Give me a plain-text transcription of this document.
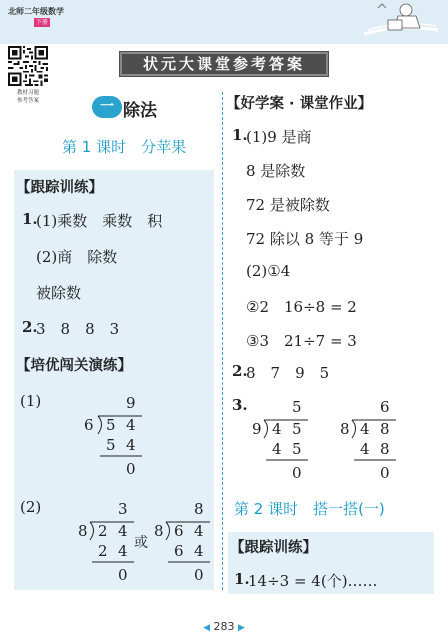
北师二年级数学
下册
教材习题
参考答案
状元大课堂参考答案
一 除法
第 1 课时　分苹果
【跟踪训练】
1.
(1)乘数　乘数　积
(2)商　除数
被除数
2.
3　8　8　3
【培优闯关演练】
(1)	9
6 5 4
5 4
0
(2)	3
8 2 4
2 4
0
或
8
8 6 4
6 4
0
【好学案 · 课堂作业】
1.
(1)9 是商
8 是除数
72 是被除数
72 除以 8 等于 9
(2)①4
②2　16÷8 = 2
③3　21÷7 = 3
2.
8　7　9　5
3.	5
9 4 5
4 5
0
6
8 4 8
4 8
0
第 2 课时　搭一搭(一)
【跟踪训练】
1.
14÷3 = 4(个)……
◀ 283 ▶
